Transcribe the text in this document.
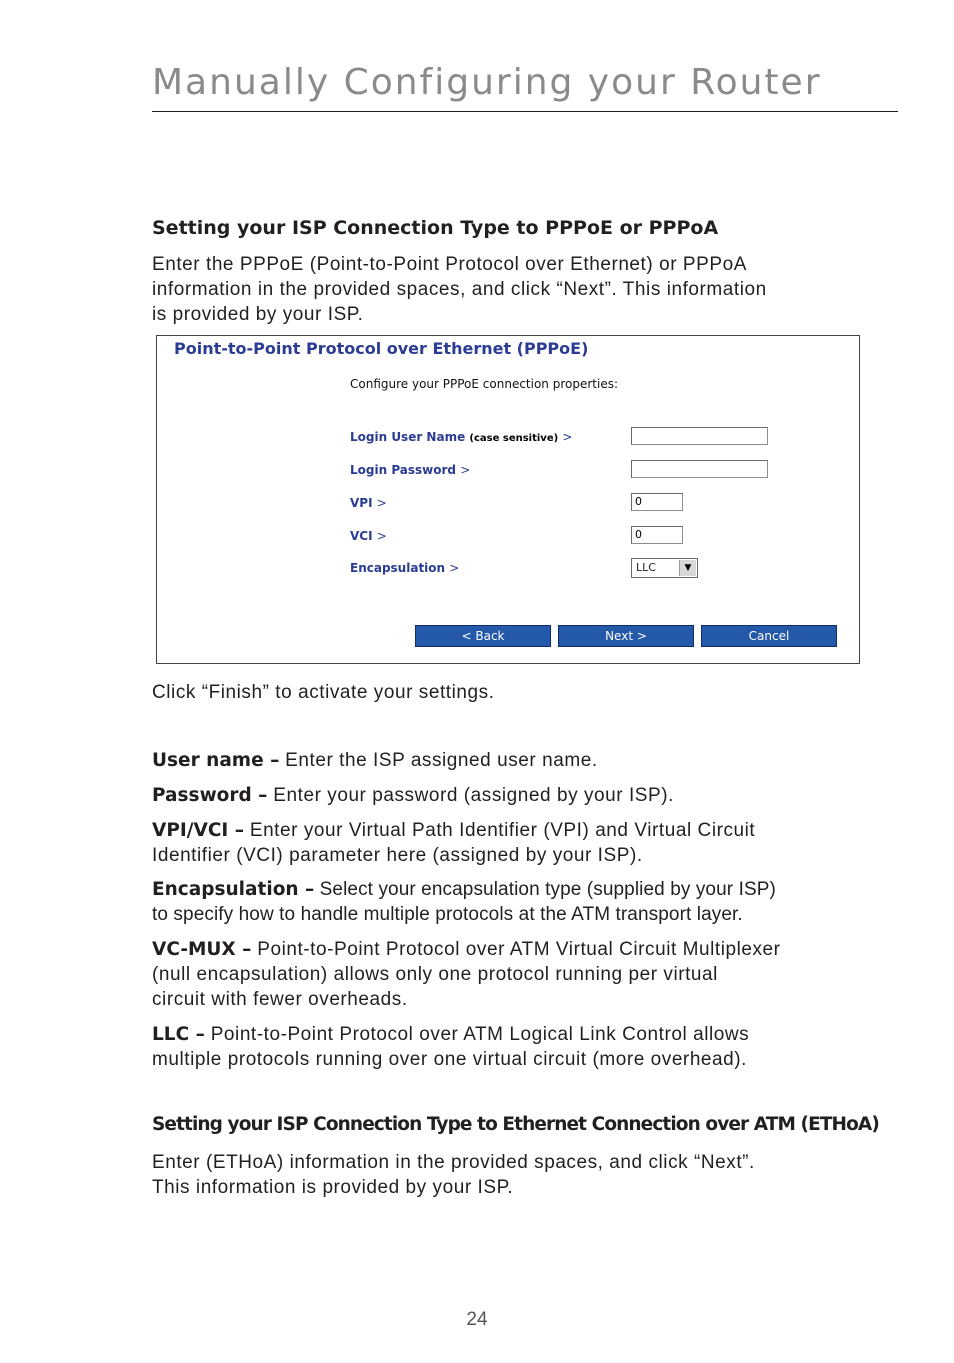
Manually Configuring your Router
Setting your ISP Connection Type to PPPoE or PPPoA

Enter the PPPoE (Point-to-Point Protocol over Ethernet) or PPPoA
information in the provided spaces, and click “Next”. This information
is provided by your ISP.

Point-to-Point Protocol over Ethernet (PPPoE)
Configure your PPPoE connection properties:
Login User Name (case sensitive) >
Login Password >
VPI >	0
VCI >	0
Encapsulation >	LLC	▼
< Back	Next >	Cancel

Click “Finish” to activate your settings.

User name – Enter the ISP assigned user name.

Password – Enter your password (assigned by your ISP).

VPI/VCI – Enter your Virtual Path Identifier (VPI) and Virtual Circuit
Identifier (VCI) parameter here (assigned by your ISP).

Encapsulation – Select your encapsulation type (supplied by your ISP)
to specify how to handle multiple protocols at the ATM transport layer.

VC-MUX – Point-to-Point Protocol over ATM Virtual Circuit Multiplexer
(null encapsulation) allows only one protocol running per virtual
circuit with fewer overheads.

LLC – Point-to-Point Protocol over ATM Logical Link Control allows
multiple protocols running over one virtual circuit (more overhead).

Setting your ISP Connection Type to Ethernet Connection over ATM (ETHoA)

Enter (ETHoA) information in the provided spaces, and click “Next”.
This information is provided by your ISP.

24
